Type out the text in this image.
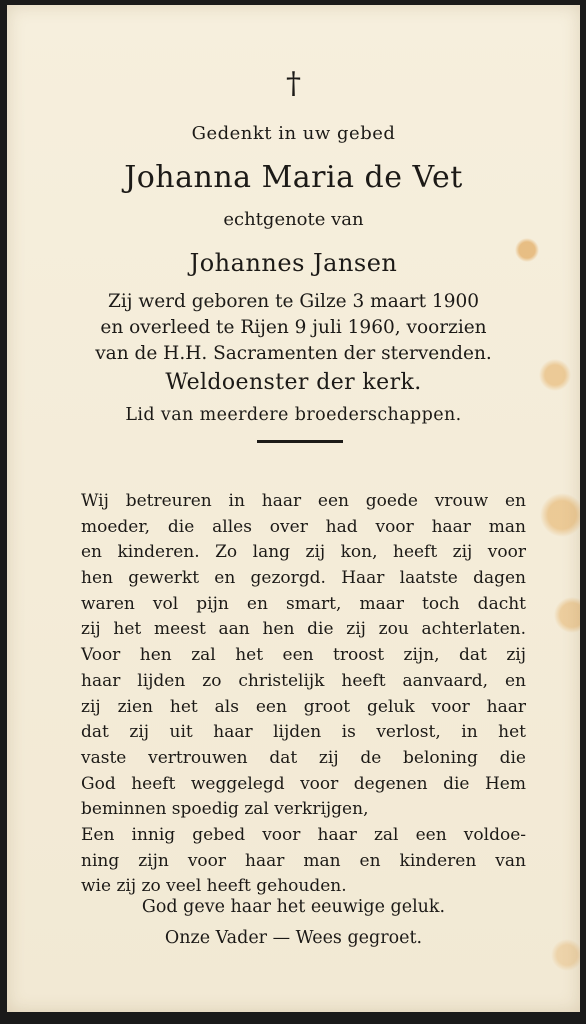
†
Gedenkt in uw gebed
Johanna Maria de Vet
echtgenote van
Johannes Jansen
Zij werd geboren te Gilze 3 maart 1900
en overleed te Rijen 9 juli 1960, voorzien
van de H.H. Sacramenten der stervenden.
Weldoenster der kerk.
Lid van meerdere broederschappen.
Wij betreuren in haar een goede vrouw en
moeder, die alles over had voor haar man
en kinderen. Zo lang zij kon, heeft zij voor
hen gewerkt en gezorgd. Haar laatste dagen
waren vol pijn en smart, maar toch dacht
zij het meest aan hen die zij zou achterlaten.
Voor hen zal het een troost zijn, dat zij
haar lijden zo christelijk heeft aanvaard, en
zij zien het als een groot geluk voor haar
dat zij uit haar lijden is verlost, in het
vaste vertrouwen dat zij de beloning die
God heeft weggelegd voor degenen die Hem
beminnen spoedig zal verkrijgen,
Een innig gebed voor haar zal een voldoe-
ning zijn voor haar man en kinderen van
wie zij zo veel heeft gehouden.
God geve haar het eeuwige geluk.
Onze Vader — Wees gegroet.
